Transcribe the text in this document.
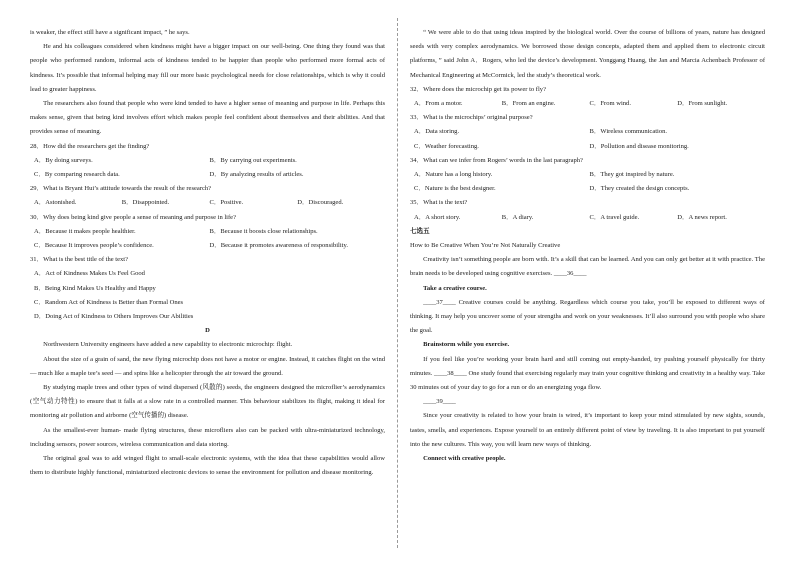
is weaker, the effect still have a significant impact, ” he says.

He and his colleagues considered when kindness might have a bigger impact on our well-being. One thing they found was that people who performed random, informal acts of kindness tended to be happier than people who performed more formal acts of kindness. It’s possible that informal helping may fill our more basic psychological needs for close relationships, which is why it could lead to greater happiness.

The researchers also found that people who were kind tended to have a higher sense of meaning and purpose in life. Perhaps this makes sense, given that being kind involves effort which makes people feel confident about themselves and their abilities. And that provides sense of meaning.

28．How did the researchers get the finding?
A．By doing surveys.	B．By carrying out experiments.
C．By comparing research data.	D．By analyzing results of articles.
29．What is Bryant Hui’s attitude towards the result of the research?
A．Astonished.	B．Disappointed.	C．Positive.	D．Discouraged.
30．Why does being kind give people a sense of meaning and purpose in life?
A．Because it makes people healthier.	B．Because it boosts close relationships.
C．Because It improves people’s confidence.	D．Because it promotes awareness of responsibility.
31．What is the best title of the text?
A．Act of Kindness Makes Us Feel Good
B．Being Kind Makes Us Healthy and Happy
C．Random Act of Kindness is Better than Formal Ones
D．Doing Act of Kindness to Others Improves Our Abilities
D

Northwestern University engineers have added a new capability to electronic microchip: flight.

About the size of a grain of sand, the new flying microchip does not have a motor or engine. Instead, it catches flight on the wind — much like a maple tee’s seed — and spins like a helicopter through the air toward the ground.

By studying maple trees and other types of wind dispersed (风散的) seeds, the engineers designed the microflier’s aerodynamics (空气动力特性) to ensure that it falls at a slow rate in a controlled manner. This behaviour stabilizes its flight, making it ideal for monitoring air pollution and airborne (空气传播的) disease.

As the smallest-ever human- made flying structures, these microfliers also can be packed with ultra-miniaturized technology, including sensors, power sources, wireless communication and data storing.

The original goal was to add winged flight to small-scale electronic systems, with the idea that these capabilities would allow them to distribute highly functional, miniaturized electronic devices to sense the environment for pollution and disease monitoring.

“ We were able to do that using ideas inspired by the biological world. Over the course of billions of years, nature has designed seeds with very complex aerodynamics. We borrowed those design concepts, adapted them and applied them to electronic circuit platforms, ” said John A．Rogers, who led the device’s development. Yonggang Huang, the Jan and Marcia Achenbach Professor of Mechanical Engineering at McCormick, led the study’s theoretical work.

32．Where does the microchip get its power to fly?
A．From a motor.	B．From an engine.	C．From wind.	D．From sunlight.
33．What is the microchips’ original purpose?
A．Data storing.	B．Wireless communication.
C．Weather forecasting.	D．Pollution and disease monitoring.
34．What can we infer from Rogers’ words in the last paragraph?
A．Nature has a long history.	B．They got inspired by nature.
C．Nature is the best designer.	D．They created the design concepts.
35．What is the text?
A．A short story.	B．A diary.	C．A travel guide.	D．A news report.
七选五
How to Be Creative When You’re Not Naturally Creative

Creativity isn’t something people are born with. It’s a skill that can be learned. And you can only get better at it with practice. The brain needs to be developed using cognitive exercises. ____36____

Take a creative course.

____37____ Creative courses could be anything. Regardless which course you take, you’ll be exposed to different ways of thinking. It may help you uncover some of your strengths and work on your weaknesses. It’ll also surround you with people who share the goal.

Brainstorm while you exercise.

If you feel like you’re working your brain hard and still coming out empty-handed, try pushing yourself physically for thirty minutes. ____38____ One study found that exercising regularly may train your cognitive thinking and creativity in a healthy way. Take 30 minutes out of your day to go for a run or do an energizing yoga flow.

____39____

Since your creativity is related to how your brain is wired, it’s important to keep your mind stimulated by new sights, sounds, tastes, smells, and experiences. Expose yourself to an entirely different point of view by traveling. It is also important to put yourself into the new cultures. This way, you will learn new ways of thinking.

Connect with creative people.
